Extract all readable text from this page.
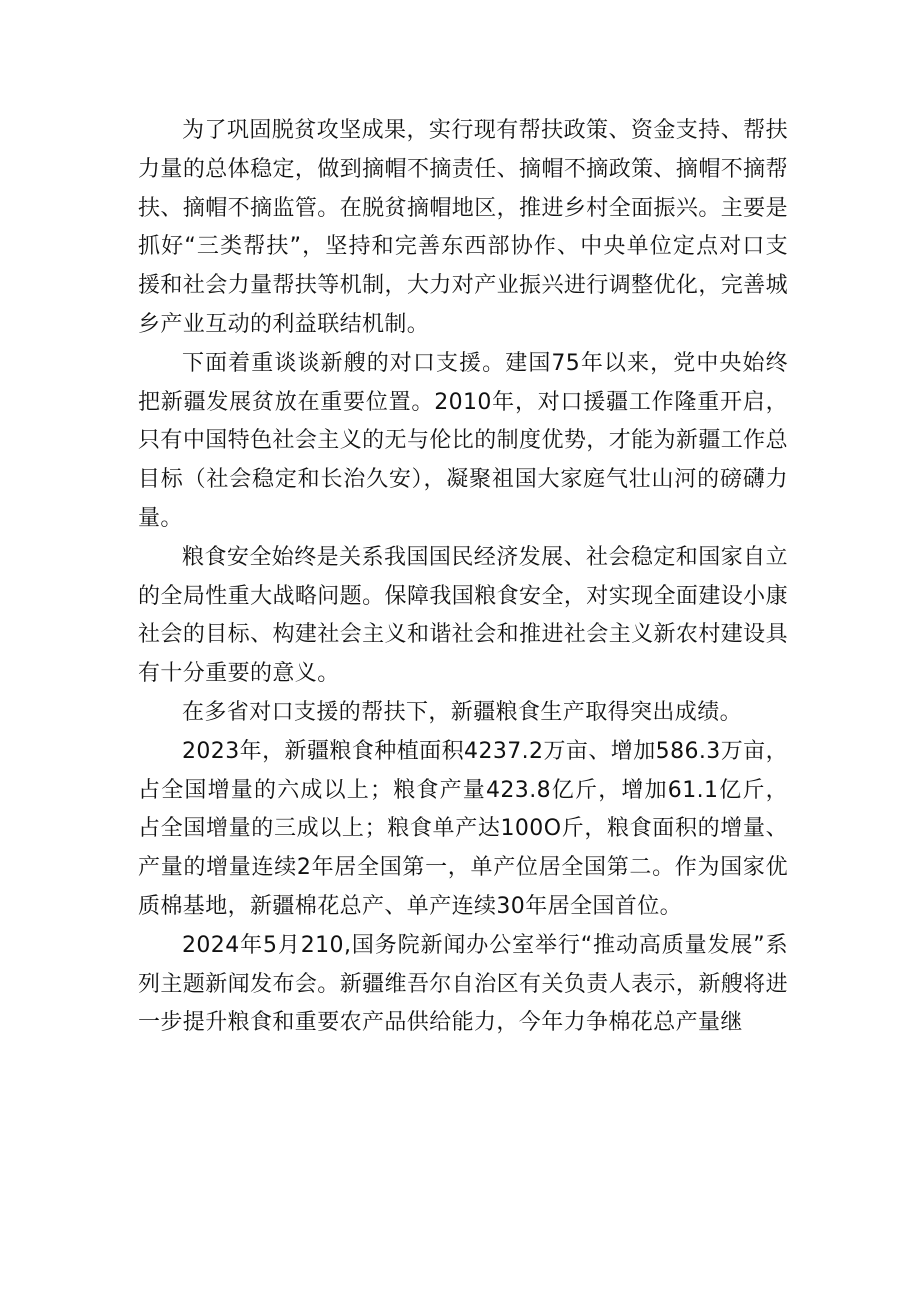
为了巩固脱贫攻坚成果，实行现有帮扶政策、资金支持、帮扶力量的总体稳定，做到摘帽不摘责任、摘帽不摘政策、摘帽不摘帮扶、摘帽不摘监管。在脱贫摘帽地区，推进乡村全面振兴。主要是抓好“三类帮扶”，坚持和完善东西部协作、中央单位定点对口支援和社会力量帮扶等机制，大力对产业振兴进行调整优化，完善城乡产业互动的利益联结机制。

下面着重谈谈新艘的对口支援。建国75年以来，党中央始终把新疆发展贫放在重要位置。2010年，对口援疆工作隆重开启，只有中国特色社会主义的无与伦比的制度优势，才能为新疆工作总目标（社会稳定和长治久安），凝聚祖国大家庭气壮山河的磅礴力量。

粮食安全始终是关系我国国民经济发展、社会稳定和国家自立的全局性重大战略问题。保障我国粮食安全，对实现全面建设小康社会的目标、构建社会主义和谐社会和推进社会主义新农村建设具有十分重要的意义。

在多省对口支援的帮扶下，新疆粮食生产取得突出成绩。

2023年，新疆粮食种植面积4237.2万亩、增加586.3万亩，占全国增量的六成以上；粮食产量423.8亿斤，增加61.1亿斤，占全国增量的三成以上；粮食单产达100O斤，粮食面积的增量、产量的增量连续2年居全国第一，单产位居全国第二。作为国家优质棉基地，新疆棉花总产、单产连续30年居全国首位。

2024年5月210,国务院新闻办公室举行“推动高质量发展”系列主题新闻发布会。新疆维吾尔自治区有关负责人表示，新艘将进一步提升粮食和重要农产品供给能力，今年力争棉花总产量继
